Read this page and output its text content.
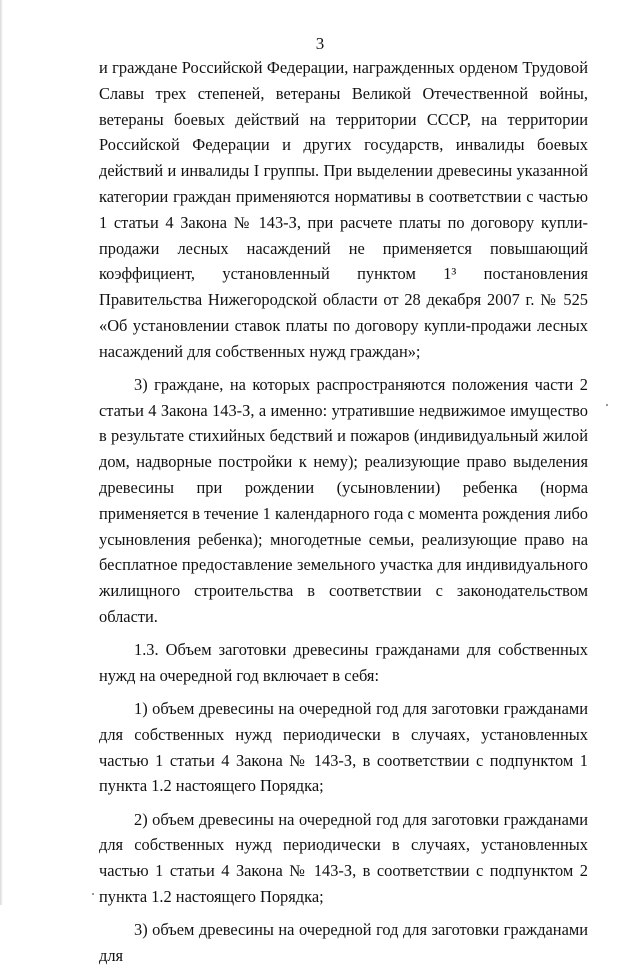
3

и граждане Российской Федерации, награжденных орденом Трудовой Славы трех степеней, ветераны Великой Отечественной войны, ветераны боевых действий на территории СССР, на территории Российской Федерации и других государств, инвалиды боевых действий и инвалиды I группы. При выделении древесины указанной категории граждан применяются нормативы в соответствии с частью 1 статьи 4 Закона № 143-З, при расчете платы по договору купли-продажи лесных насаждений не применяется повышающий коэффициент, установленный пунктом 1³ постановления Правительства Нижегородской области от 28 декабря 2007 г. № 525 «Об установлении ставок платы по договору купли-продажи лесных насаждений для собственных нужд граждан»;

3) граждане, на которых распространяются положения части 2 статьи 4 Закона 143-З, а именно: утратившие недвижимое имущество в результате стихийных бедствий и пожаров (индивидуальный жилой дом, надворные постройки к нему); реализующие право выделения древесины при рождении (усыновлении) ребенка (норма применяется в течение 1 календарного года с момента рождения либо усыновления ребенка); многодетные семьи, реализующие право на бесплатное предоставление земельного участка для индивидуального жилищного строительства в соответствии с законодательством области.

1.3. Объем заготовки древесины гражданами для собственных нужд на очередной год включает в себя:

1) объем древесины на очередной год для заготовки гражданами для собственных нужд периодически в случаях, установленных частью 1 статьи 4 Закона № 143-З, в соответствии с подпунктом 1 пункта 1.2 настоящего Порядка;

2) объем древесины на очередной год для заготовки гражданами для собственных нужд периодически в случаях, установленных частью 1 статьи 4 Закона № 143-З, в соответствии с подпунктом 2 пункта 1.2 настоящего Порядка;

3) объем древесины на очередной год для заготовки гражданами для
